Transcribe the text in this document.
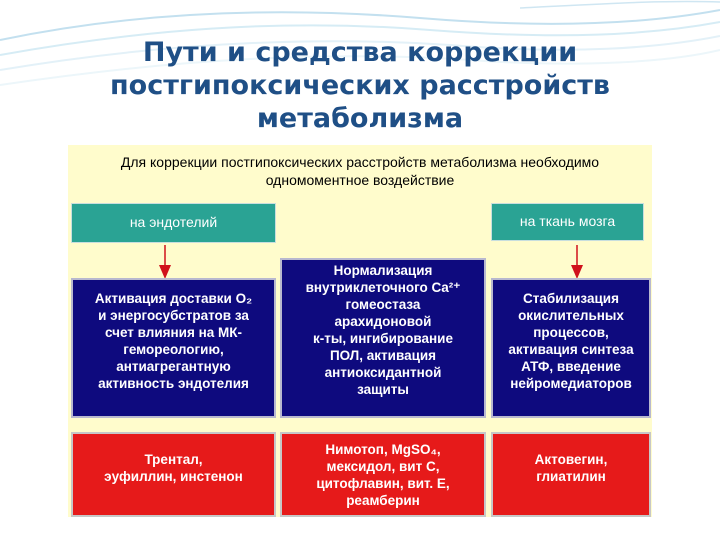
Пути и средства коррекции
постгипоксических расстройств
метаболизма
Для коррекции постгипоксических расстройств метаболизма необходимо
одномоментное воздействие
на эндотелий	на ткань мозга
Нормализация
внутриклеточного Ca²⁺
гомеостаза
арахидоновой
к-ты, ингибирование
ПОЛ, активация
антиоксидантной
защиты
Активация доставки O₂
и энергосубстратов за
счет влияния на МК-
гемореологию,
антиагрегантную
активность эндотелия
Стабилизация
окислительных
процессов,
активация синтеза
АТФ, введение
нейромедиаторов
Трентал,
эуфиллин, инстенон
Нимотоп, MgSO₄,
мексидол, вит С,
цитофлавин, вит. Е,
реамберин
Актовегин,
глиатилин
